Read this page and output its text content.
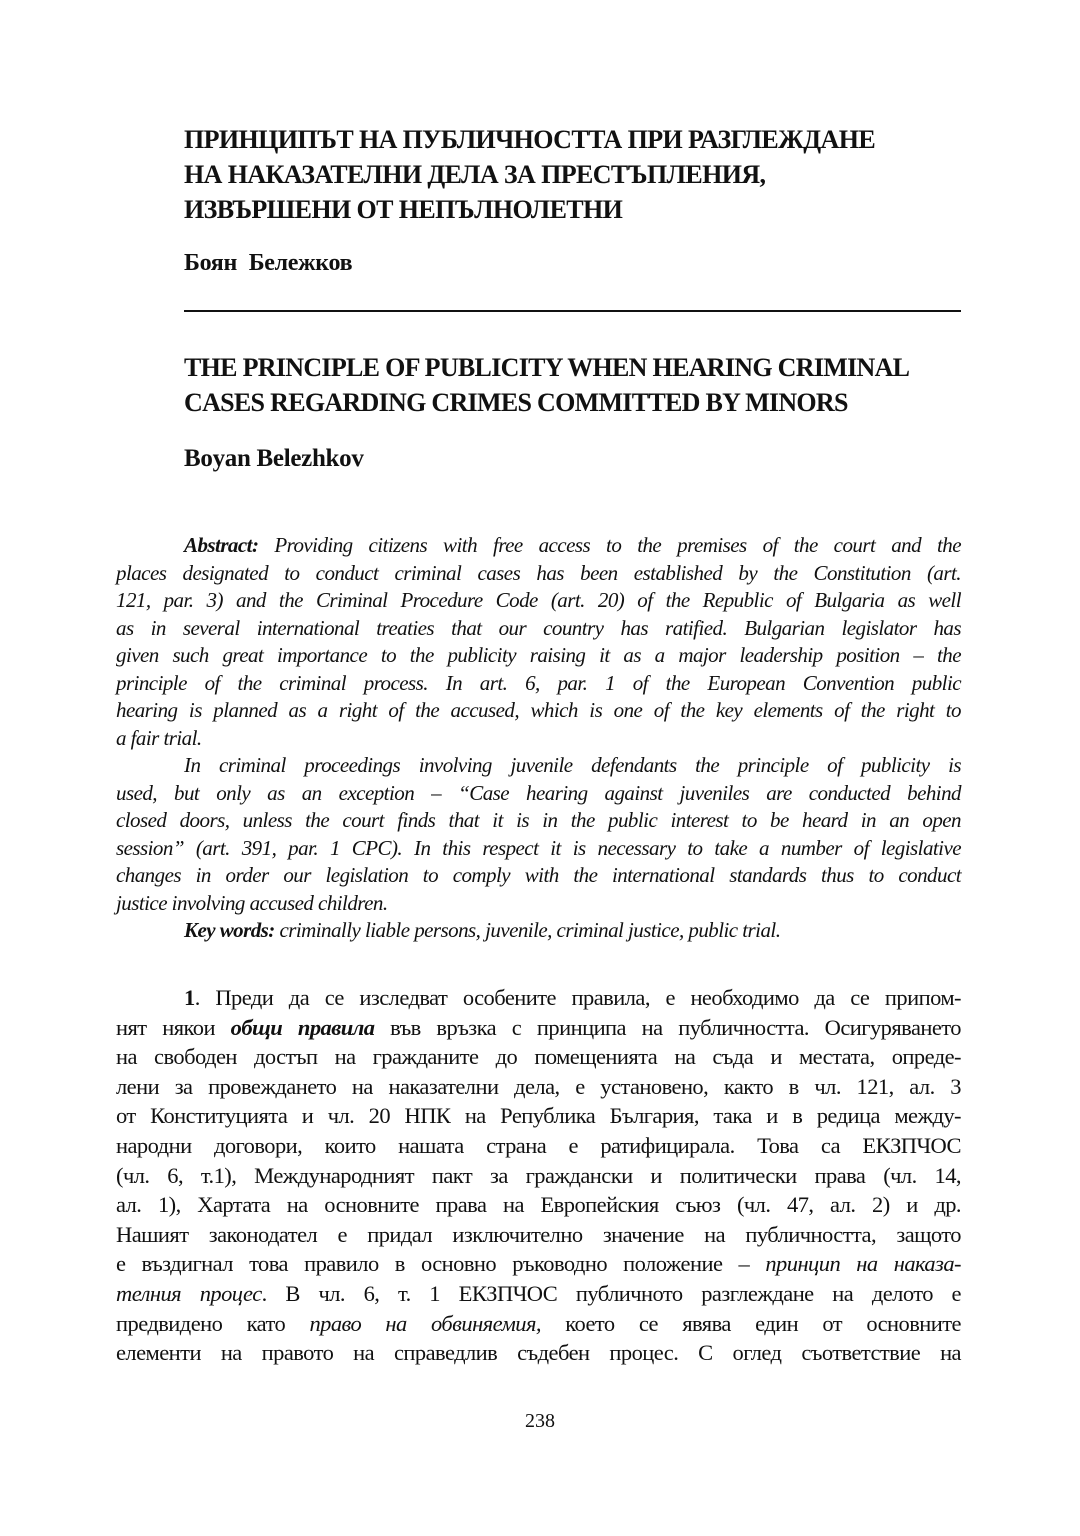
ПРИНЦИПЪТ НА ПУБЛИЧНОСТТА ПРИ РАЗГЛЕЖДАНЕ
НА НАКАЗАТЕЛНИ ДЕЛА ЗА ПРЕСТЪПЛЕНИЯ,
ИЗВЪРШЕНИ ОТ НЕПЪЛНОЛЕТНИ
Боян Бележков
THE PRINCIPLE OF PUBLICITY WHEN HEARING CRIMINAL
CASES REGARDING CRIMES COMMITTED BY MINORS
Boyan Belezhkov
Abstract: Providing citizens with free access to the premises of the court and the
places designated to conduct criminal cases has been established by the Constitution (art.
121, par. 3) and the Criminal Procedure Code (art. 20) of the Republic of Bulgaria as well
as in several international treaties that our country has ratified. Bulgarian legislator has
given such great importance to the publicity raising it as a major leadership position – the
principle of the criminal process. In art. 6, par. 1 of the European Convention public
hearing is planned as a right of the accused, which is one of the key elements of the right to
a fair trial.
In criminal proceedings involving juvenile defendants the principle of publicity is
used, but only as an exception – “Case hearing against juveniles are conducted behind
closed doors, unless the court finds that it is in the public interest to be heard in an open
session” (art. 391, par. 1 CPC). In this respect it is necessary to take a number of legislative
changes in order our legislation to comply with the international standards thus to conduct
justice involving accused children.
Key words: criminally liable persons, juvenile, criminal justice, public trial.
1. Преди да се изследват особените правила, е необходимо да се припом-
нят някои общи правила във връзка с принципа на публичността. Осигуряването
на свободен достъп на гражданите до помещенията на съда и местата, опреде-
лени за провеждането на наказателни дела, е установено, както в чл. 121, ал. 3
от Конституцията и чл. 20 НПК на Република България, така и в редица между-
народни договори, които нашата страна е ратифицирала. Това са ЕКЗПЧОС
(чл. 6, т.1), Международният пакт за граждански и политически права (чл. 14,
ал. 1), Хартата на основните права на Европейския съюз (чл. 47, ал. 2) и др.
Нашият законодател е придал изключително значение на публичността, защото
е въздигнал това правило в основно ръководно положение – принцип на наказа-
телния процес. В чл. 6, т. 1 ЕКЗПЧОС публичното разглеждане на делото е
предвидено като право на обвиняемия, което се явява един от основните
елементи на правото на справедлив съдебен процес. С оглед съответствие на
238
